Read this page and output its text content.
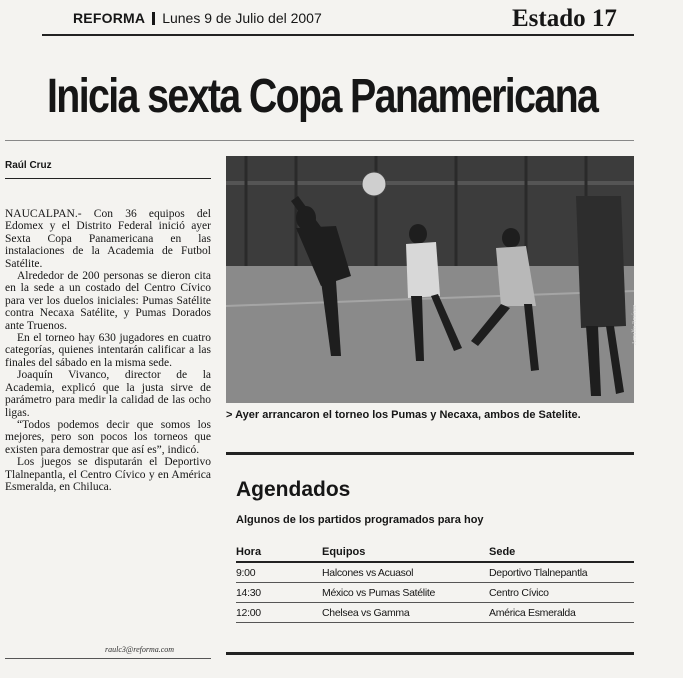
REFORMA Lunes 9 de Julio del 2007	Estado 17
Inicia sexta Copa Panamericana
Raúl Cruz

NAUCALPAN.- Con 36 equipos del Edomex y el Distrito Federal inició ayer Sexta Copa Panamericana en las instalaciones de la Academia de Futbol Satélite.

Alrededor de 200 personas se dieron cita en la sede a un costado del Centro Cívico para ver los duelos iniciales: Pumas Satélite contra Necaxa Satélite, y Pumas Dorados ante Truenos.

En el torneo hay 630 jugadores en cuatro categorías, quienes intentarán calificar a las finales del sábado en la misma sede.

Joaquín Vivanco, director de la Academia, explicó que la justa sirve de parámetro para medir la calidad de las ocho ligas.

“Todos podemos decir que somos los mejores, pero son pocos los torneos que existen para demostrar que así es”, indicó.

Los juegos se disputarán el Deportivo Tlalnepantla, el Centro Cívico y en América Esmeralda, en Chiluca.

raulc3@reforma.com
Arnulfo Jiménez
> Ayer arrancaron el torneo los Pumas y Necaxa, ambos de Satelite.
Agendados
Algunos de los partidos programados para hoy
Hora	Equipos	Sede
9:00	Halcones vs Acuasol	Deportivo Tlalnepantla
14:30	México vs Pumas Satélite	Centro Cívico
12:00	Chelsea vs Gamma	América Esmeralda
